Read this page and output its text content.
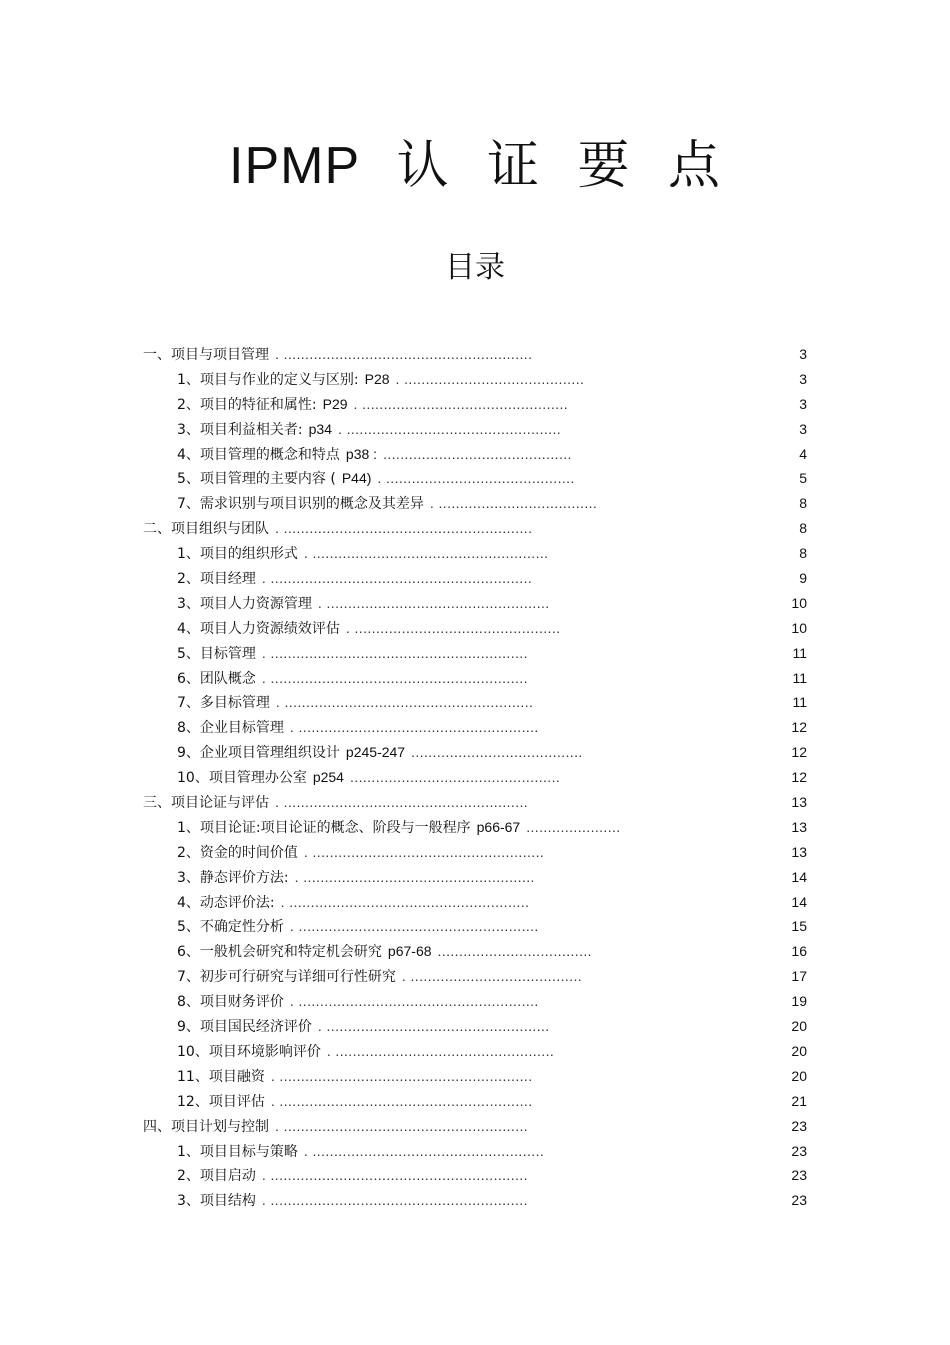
IPMP 认 证 要 点
目录
一、项目与项目管理 . ..........................................................	3
1、项目与作业的定义与区别: P28 . ..........................................	3
2、项目的特征和属性: P29 . ................................................	3
3、项目利益相关者: p34 . ..................................................	3
4、项目管理的概念和特点 p38 : ............................................	4
5、项目管理的主要内容 ( P44) . ............................................	5
7、需求识别与项目识别的概念及其差异 . .....................................	8
二、项目组织与团队 . ..........................................................	8
1、项目的组织形式 . .......................................................	8
2、项目经理 . .............................................................	9
3、项目人力资源管理 . ....................................................	10
4、项目人力资源绩效评估 . ................................................	10
5、目标管理 . ............................................................	11
6、团队概念 . ............................................................	11
7、多目标管理 . ..........................................................	11
8、企业目标管理 . ........................................................	12
9、企业项目管理组织设计 p245-247 ........................................	12
10、项目管理办公室 p254 .................................................	12
三、项目论证与评估 . .........................................................	13
1、项目论证:项目论证的概念、阶段与一般程序 p66-67 ......................	13
2、资金的时间价值 . ......................................................	13
3、静态评价方法: . ......................................................	14
4、动态评价法: . ........................................................	14
5、不确定性分析 . ........................................................	15
6、一般机会研究和特定机会研究 p67-68 ....................................	16
7、初步可行研究与详细可行性研究 . ........................................	17
8、项目财务评价 . ........................................................	19
9、项目国民经济评价 . ....................................................	20
10、项目环境影响评价 . ...................................................	20
11、项目融资 . ...........................................................	20
12、项目评估 . ...........................................................	21
四、项目计划与控制 . .........................................................	23
1、项目目标与策略 . ......................................................	23
2、项目启动 . ............................................................	23
3、项目结构 . ............................................................	23
